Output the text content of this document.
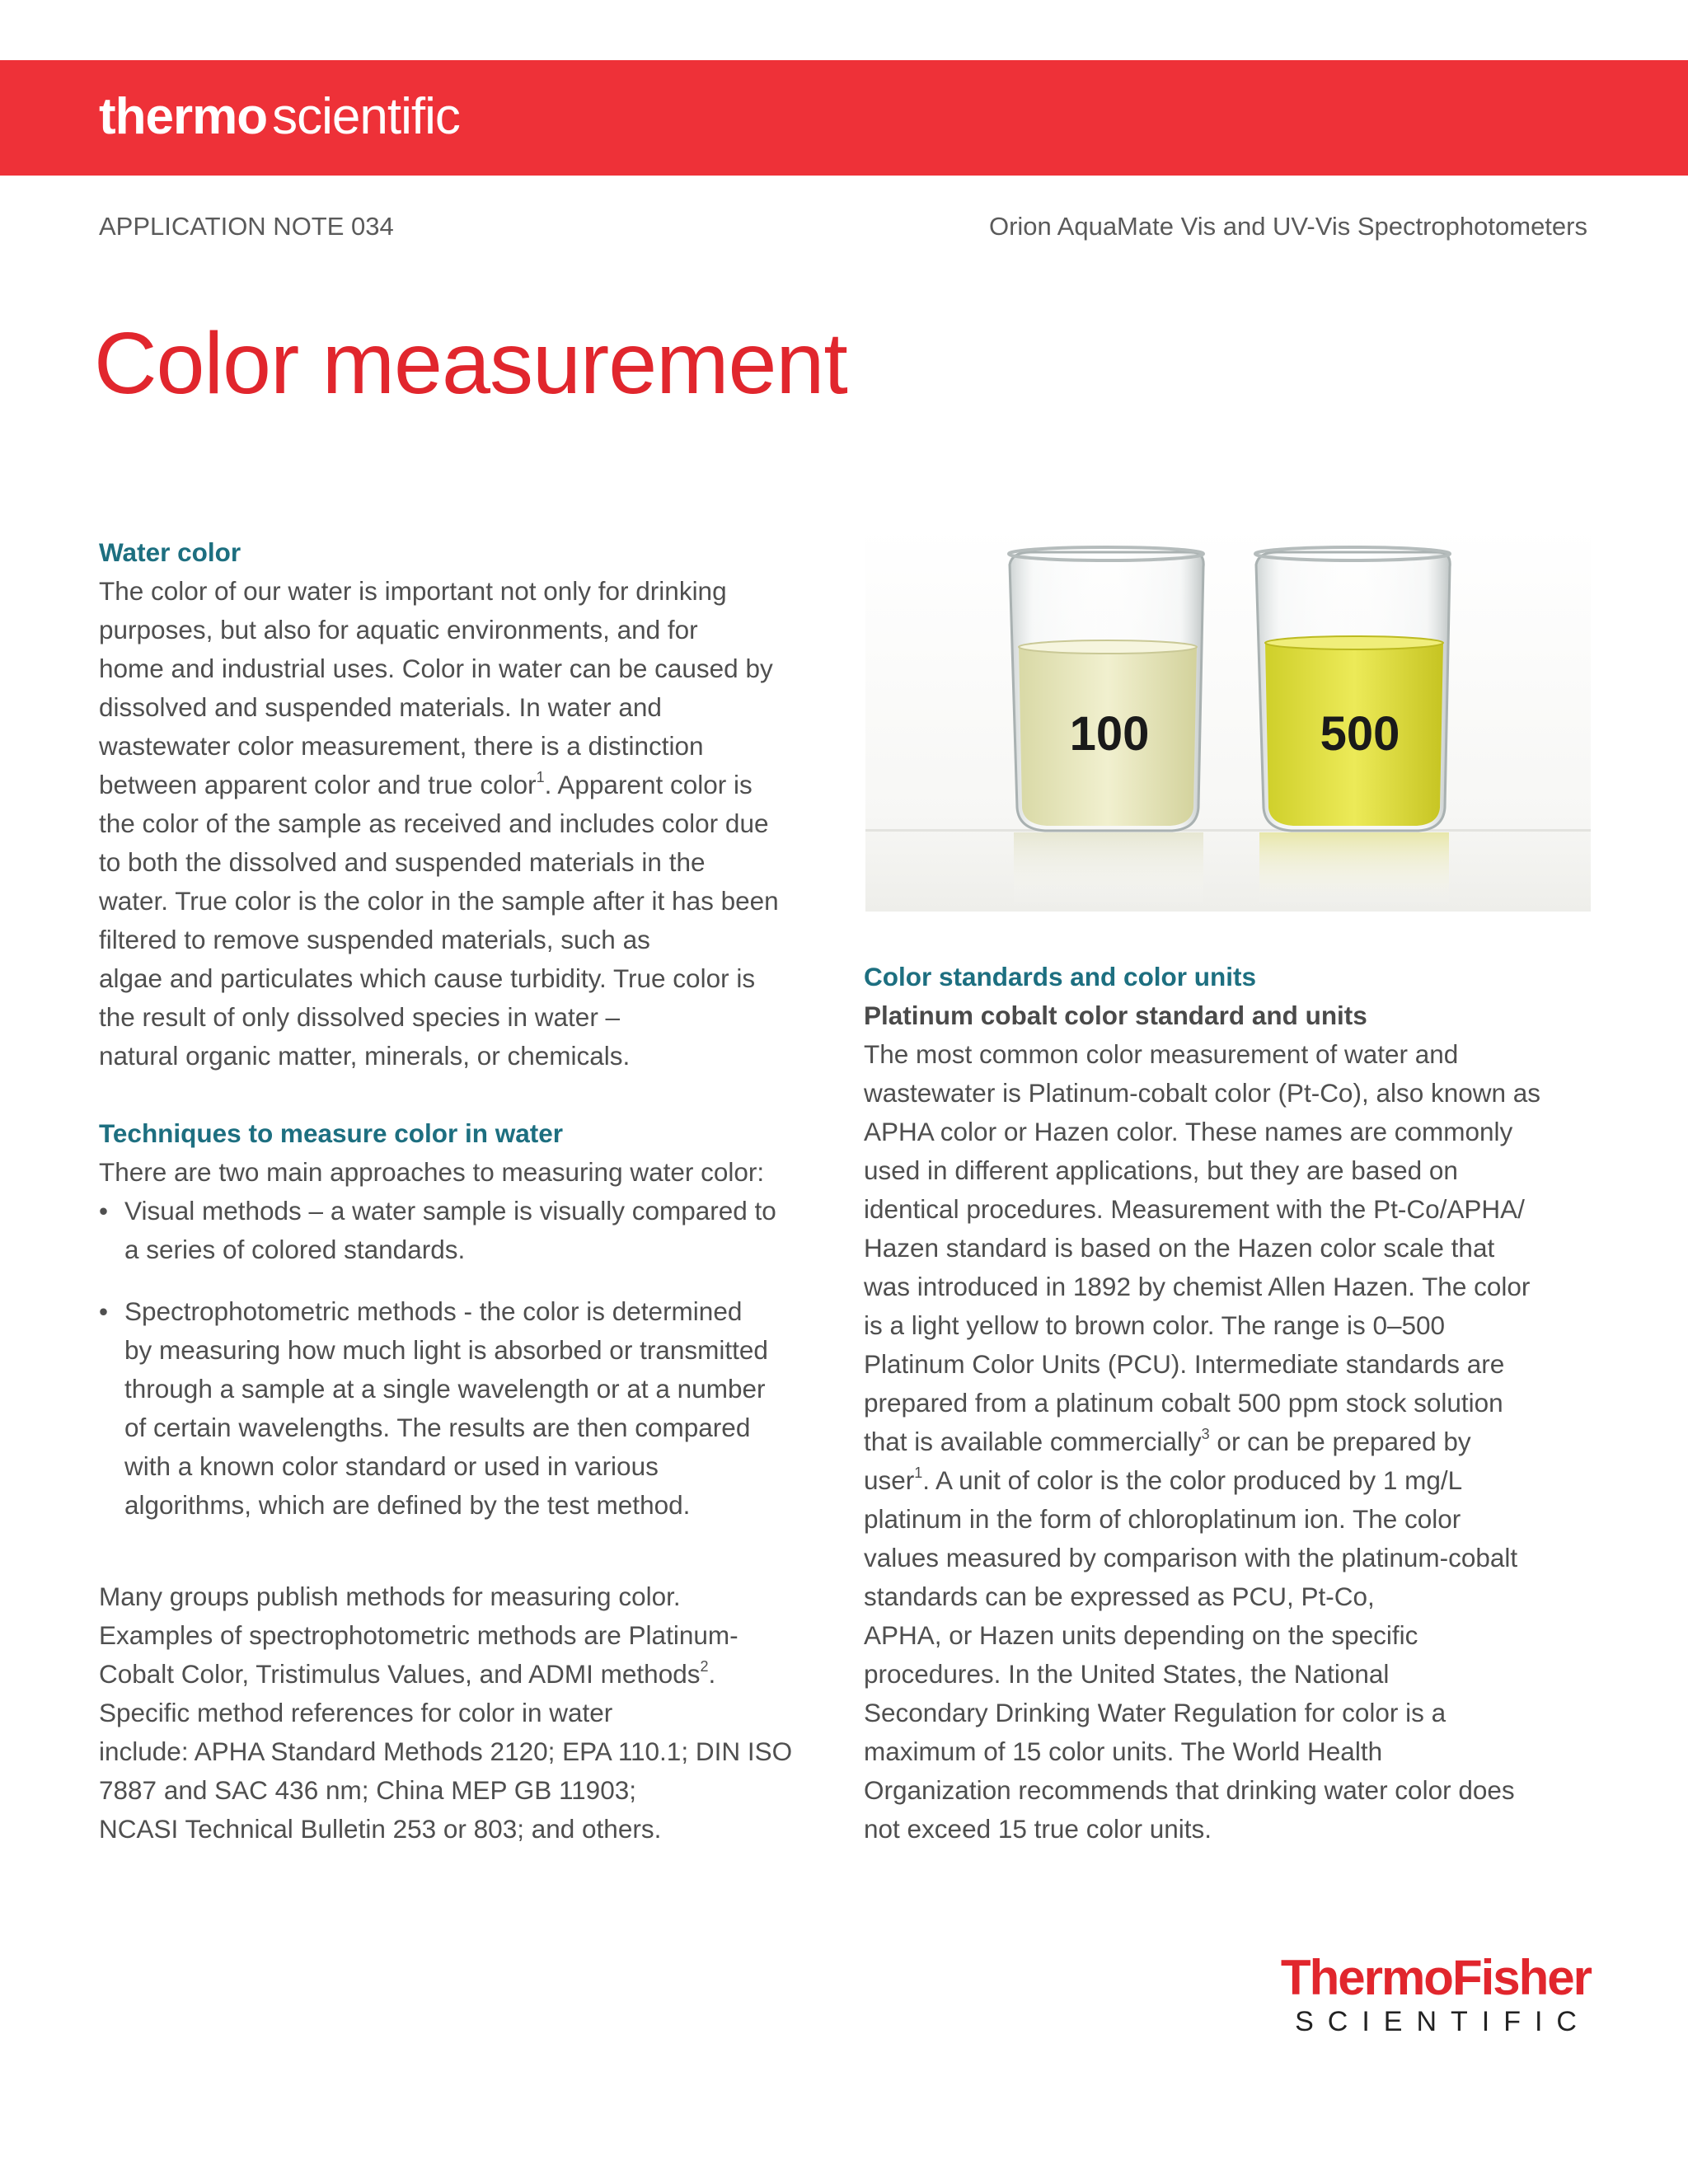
thermoscientific
APPLICATION NOTE 034	Orion AquaMate Vis and UV-Vis Spectrophotometers
Color measurement
Water color

The color of our water is important not only for drinking
purposes, but also for aquatic environments, and for
home and industrial uses. Color in water can be caused by
dissolved and suspended materials. In water and
wastewater color measurement, there is a distinction
between apparent color and true color$^1$. Apparent color is
the color of the sample as received and includes color due
to both the dissolved and suspended materials in the
water. True color is the color in the sample after it has been
filtered to remove suspended materials, such as
algae and particulates which cause turbidity. True color is
the result of only dissolved species in water –
natural organic matter, minerals, or chemicals.

Techniques to measure color in water

There are two main approaches to measuring water color:

• Visual methods – a water sample is visually compared to
a series of colored standards.
• Spectrophotometric methods - the color is determined
by measuring how much light is absorbed or transmitted
through a sample at a single wavelength or at a number
of certain wavelengths. The results are then compared
with a known color standard or used in various
algorithms, which are defined by the test method.

Many groups publish methods for measuring color.
Examples of spectrophotometric methods are Platinum-
Cobalt Color, Tristimulus Values, and ADMI methods$^2$.
Specific method references for color in water
include: APHA Standard Methods 2120; EPA 110.1; DIN ISO
7887 and SAC 436 nm; China MEP GB 11903;
NCASI Technical Bulletin 253 or 803; and others.

100	500
Color standards and color units
Platinum cobalt color standard and units

The most common color measurement of water and
wastewater is Platinum-cobalt color (Pt-Co), also known as
APHA color or Hazen color. These names are commonly
used in different applications, but they are based on
identical procedures. Measurement with the Pt-Co/APHA/
Hazen standard is based on the Hazen color scale that
was introduced in 1892 by chemist Allen Hazen. The color
is a light yellow to brown color. The range is 0–500
Platinum Color Units (PCU). Intermediate standards are
prepared from a platinum cobalt 500 ppm stock solution
that is available commercially$^3$ or can be prepared by
user$^1$. A unit of color is the color produced by 1 mg/L
platinum in the form of chloroplatinum ion. The color
values measured by comparison with the platinum-cobalt
standards can be expressed as PCU, Pt-Co,
APHA, or Hazen units depending on the specific
procedures. In the United States, the National
Secondary Drinking Water Regulation for color is a
maximum of 15 color units. The World Health
Organization recommends that drinking water color does
not exceed 15 true color units.

ThermoFisher
SCIENTIFIC
